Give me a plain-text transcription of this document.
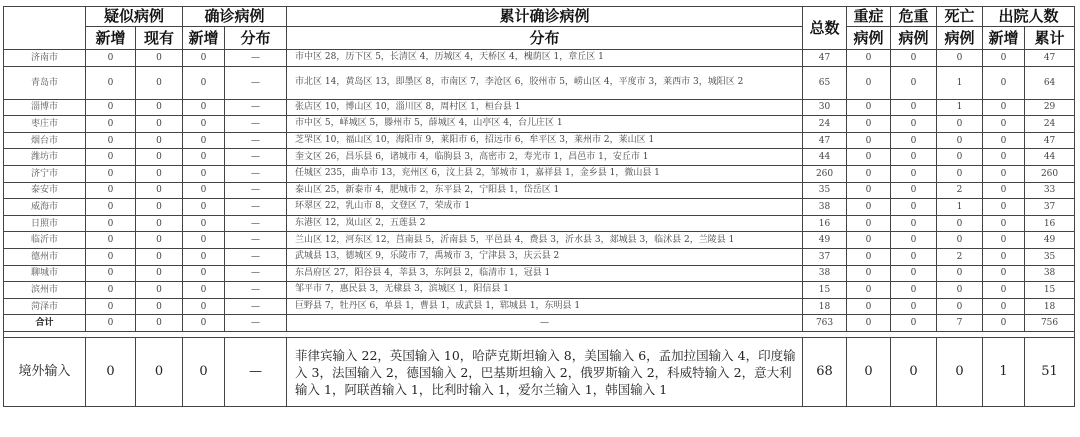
	疑似病例		确诊病例		累计确诊病例	总数	重症	危重	死亡	出院人数	
	新增	现有	新增	分布	分布		病例	病例	病例	新增	累计
济南市	0	0	0	—	市中区 28，历下区 5，长清区 4，历城区 4，天桥区 4，槐荫区 1，章丘区 1	47	0	0	0	0	47
青岛市	0	0	0	—	市北区 14，黄岛区 13，即墨区 8，市南区 7，李沧区 6，胶州市 5，崂山区 4，平度市 3，莱西市 3，城阳区 2	65	0	0	1	0	64
淄博市	0	0	0	—	张店区 10，博山区 10，淄川区 8，周村区 1，桓台县 1	30	0	0	1	0	29
枣庄市	0	0	0	—	市中区 5，峄城区 5，滕州市 5，薛城区 4，山亭区 4，台儿庄区 1	24	0	0	0	0	24
烟台市	0	0	0	—	芝罘区 10，福山区 10，海阳市 9，莱阳市 6，招远市 6，牟平区 3，莱州市 2，莱山区 1	47	0	0	0	0	47
潍坊市	0	0	0	—	奎文区 26，昌乐县 6，诸城市 4，临朐县 3，高密市 2，寿光市 1，昌邑市 1，安丘市 1	44	0	0	0	0	44
济宁市	0	0	0	—	任城区 235，曲阜市 13，兖州区 6，汶上县 2，邹城市 1，嘉祥县 1，金乡县 1，微山县 1	260	0	0	0	0	260
泰安市	0	0	0	—	泰山区 25，新泰市 4，肥城市 2，东平县 2，宁阳县 1，岱岳区 1	35	0	0	2	0	33
威海市	0	0	0	—	环翠区 22，乳山市 8，文登区 7，荣成市 1	38	0	0	1	0	37
日照市	0	0	0	—	东港区 12，岚山区 2，五莲县 2	16	0	0	0	0	16
临沂市	0	0	0	—	兰山区 12，河东区 12，莒南县 5，沂南县 5，平邑县 4，费县 3，沂水县 3，郯城县 3，临沭县 2，兰陵县 1	49	0	0	0	0	49
德州市	0	0	0	—	武城县 13，德城区 9，乐陵市 7，禹城市 3，宁津县 3，庆云县 2	37	0	0	2	0	35
聊城市	0	0	0	—	东昌府区 27，阳谷县 4，莘县 3，东阿县 2，临清市 1，冠县 1	38	0	0	0	0	38
滨州市	0	0	0	—	邹平市 7，惠民县 3，无棣县 3，滨城区 1，阳信县 1	15	0	0	0	0	15
菏泽市	0	0	0	—	巨野县 7，牡丹区 6，单县 1，曹县 1，成武县 1，郓城县 1，东明县 1	18	0	0	0	0	18
合计	0	0	0	—	—	763	0	0	7	0	756

境外输入	0	0	0	—	菲律宾输入 22，英国输入 10，哈萨克斯坦输入 8，美国输入 6，孟加拉国输入 4，印度输入 3，法国输入 2，德国输入 2，巴基斯坦输入 2，俄罗斯输入 2，科威特输入 2，意大利输入 1，阿联酋输入 1，比利时输入 1，爱尔兰输入 1，韩国输入 1	68	0	0	0	1	51
